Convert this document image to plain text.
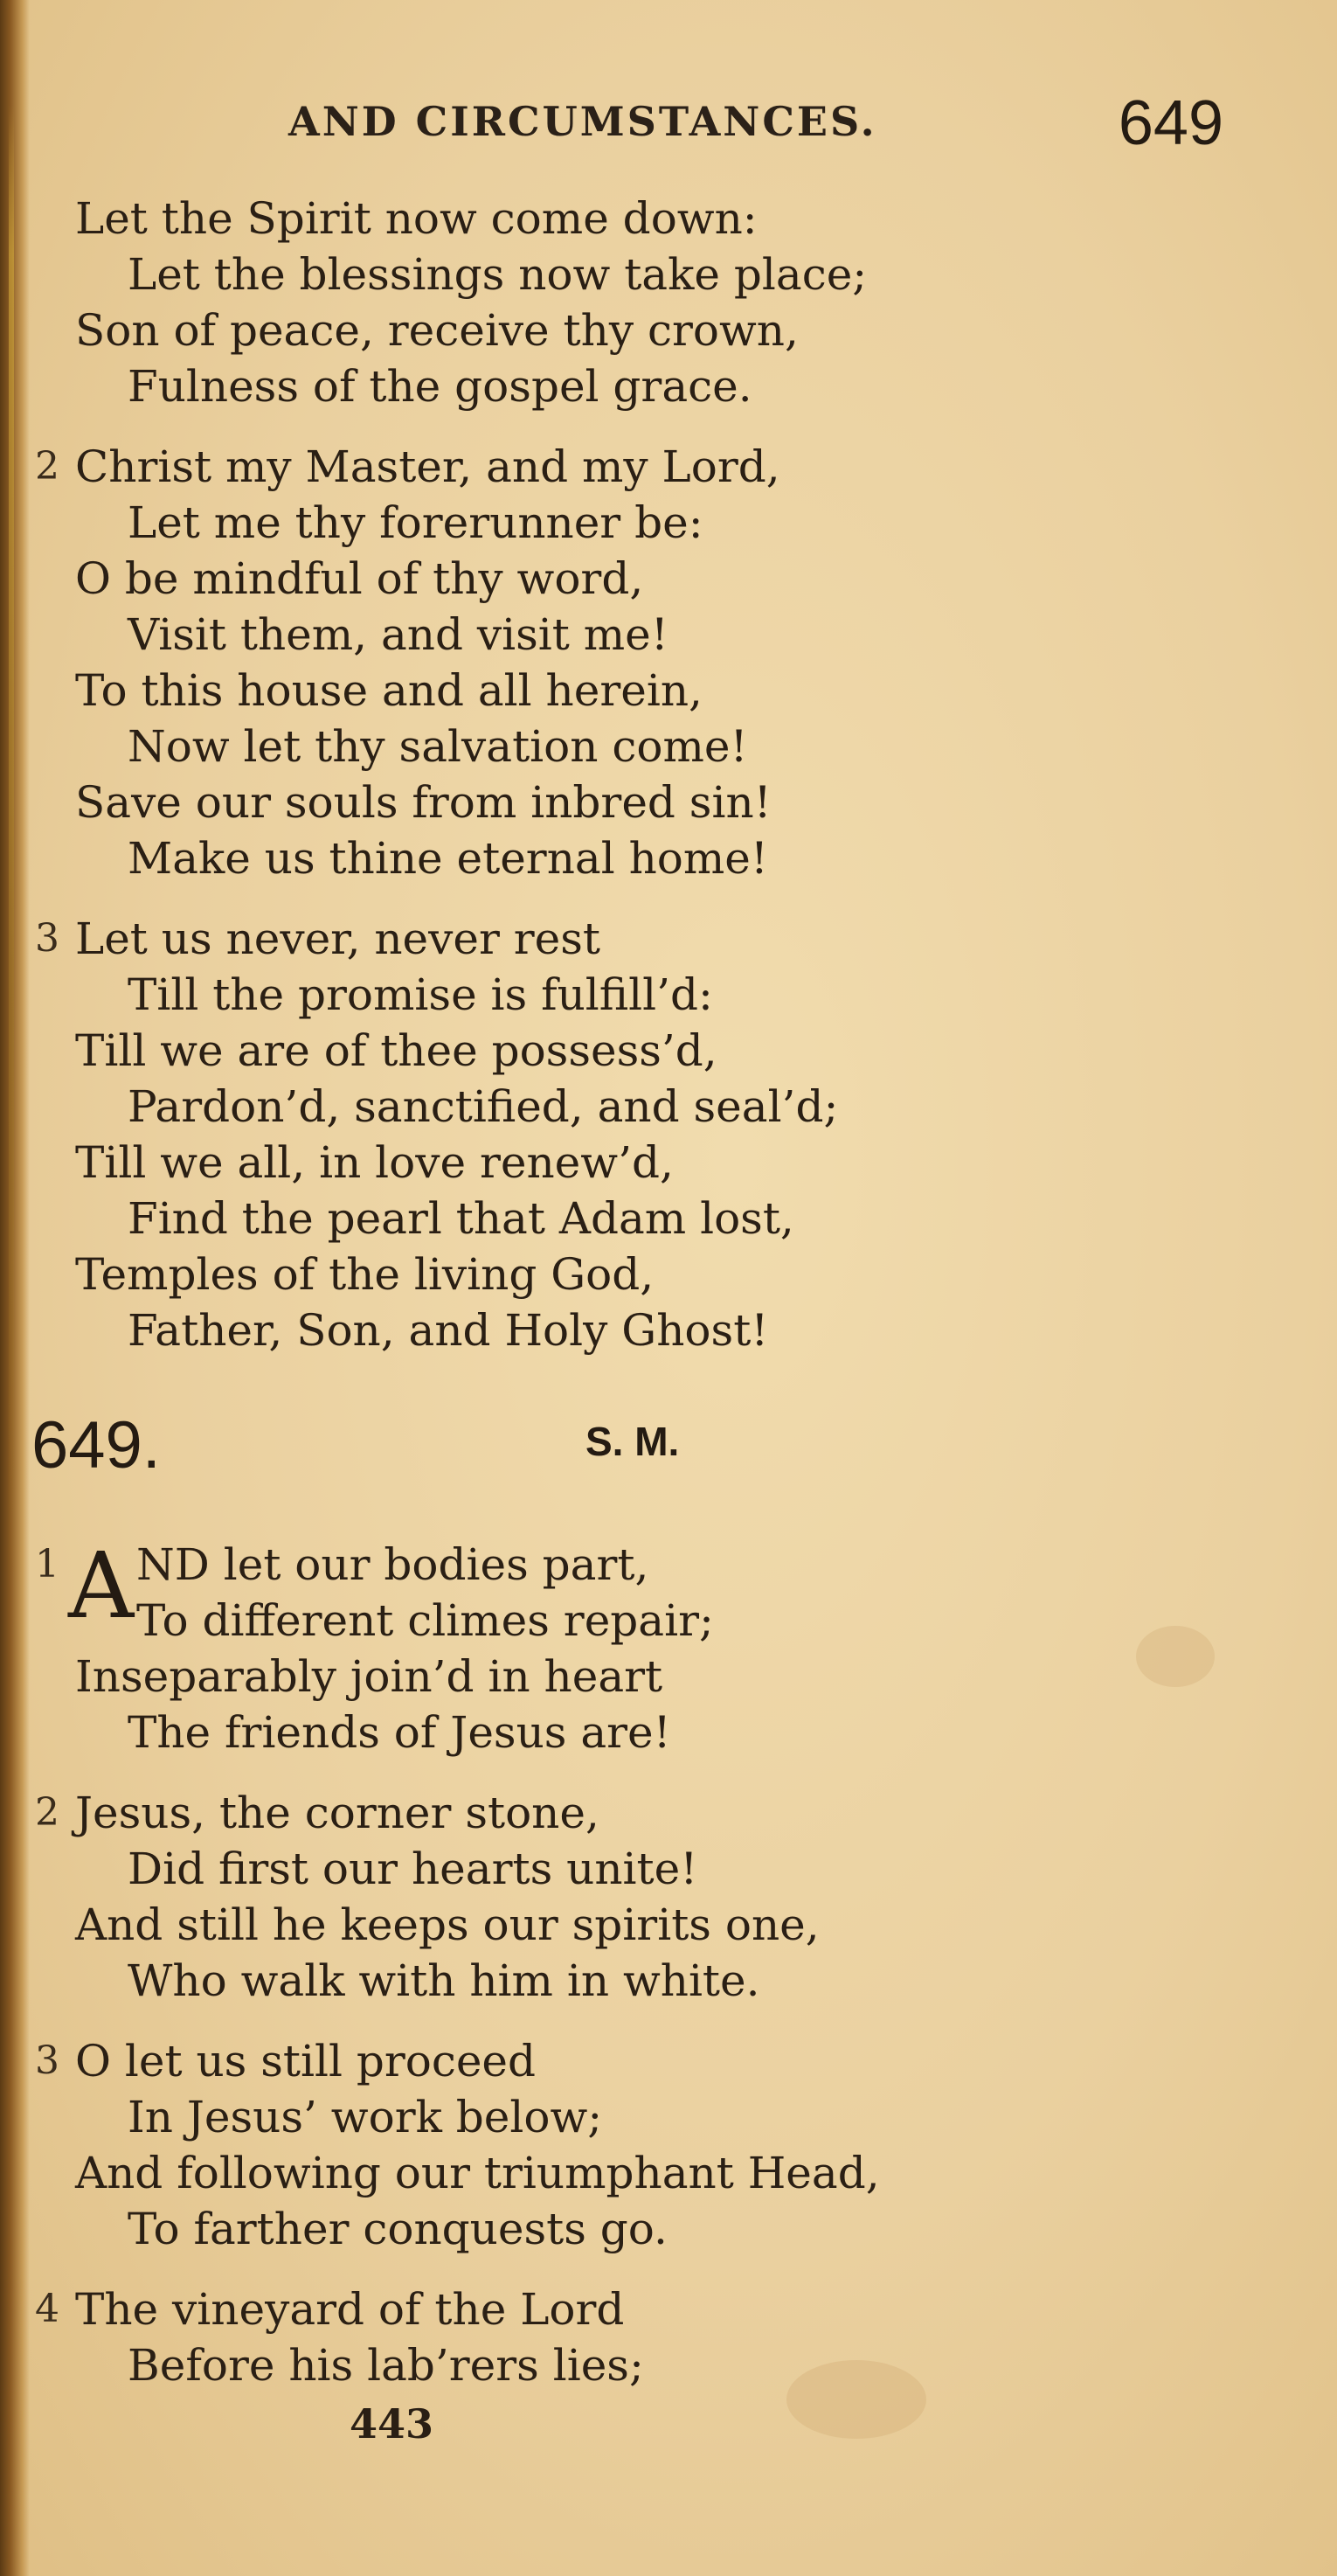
AND CIRCUMSTANCES.	649
Let the Spirit now come down:
Let the blessings now take place;
Son of peace, receive thy crown,
Fulness of the gospel grace.
2 Christ my Master, and my Lord,
Let me thy forerunner be:
O be mindful of thy word,
Visit them, and visit me!
To this house and all herein,
Now let thy salvation come!
Save our souls from inbred sin!
Make us thine eternal home!
3 Let us never, never rest
Till the promise is fulfill’d:
Till we are of thee possess’d,
Pardon’d, sanctified, and seal’d;
Till we all, in love renew’d,
Find the pearl that Adam lost,
Temples of the living God,
Father, Son, and Holy Ghost!
649.	S. M.
1 A ND let our bodies part,
To different climes repair;
Inseparably join’d in heart
The friends of Jesus are!
2 Jesus, the corner stone,
Did first our hearts unite!
And still he keeps our spirits one,
Who walk with him in white.
3 O let us still proceed
In Jesus’ work below;
And following our triumphant Head,
To farther conquests go.
4 The vineyard of the Lord
Before his lab’rers lies;
443
